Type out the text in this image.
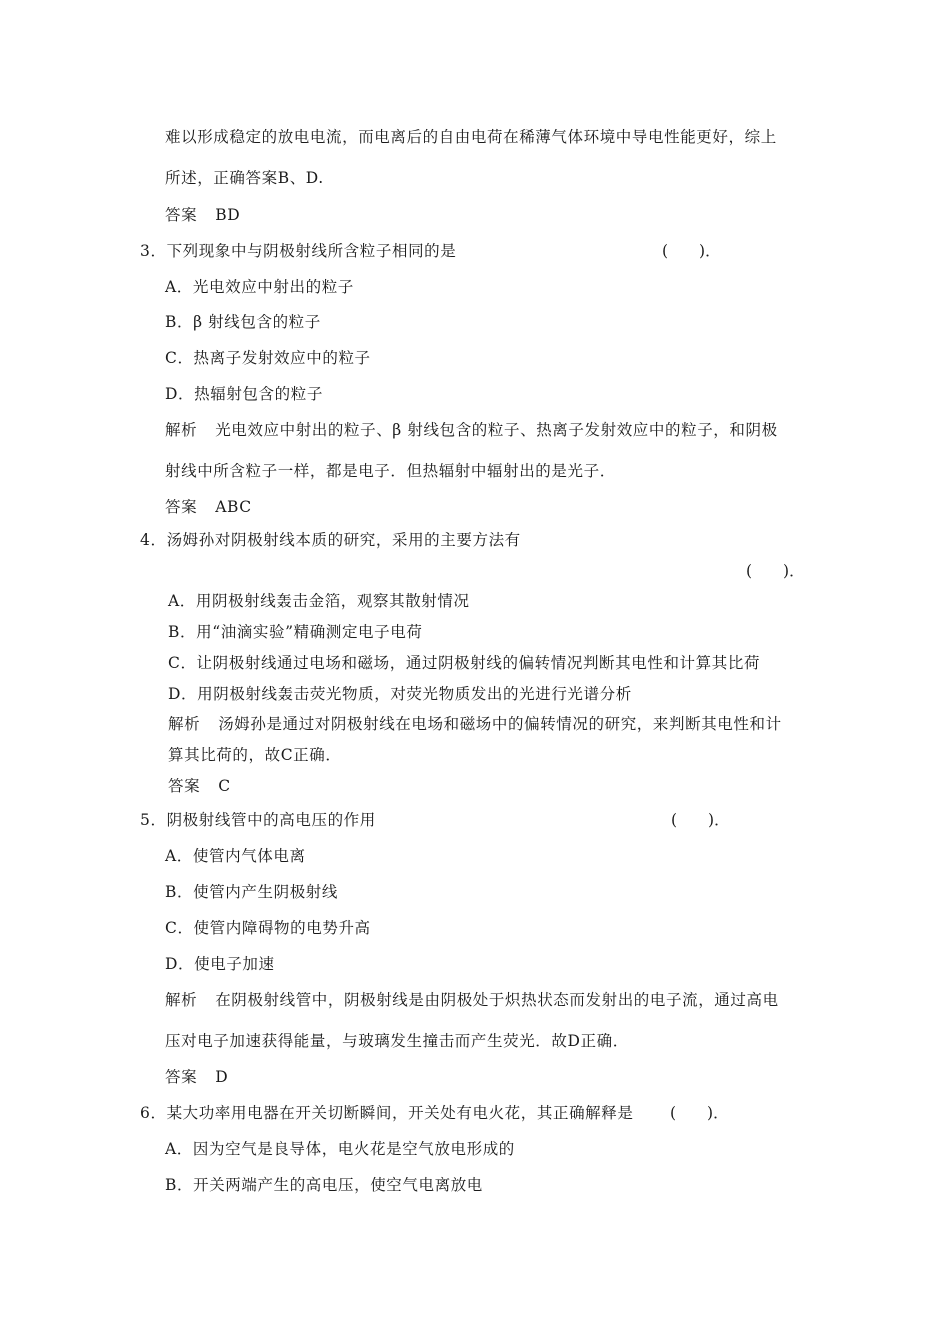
难以形成稳定的放电电流，而电离后的自由电荷在稀薄气体环境中导电性能更好，综上
所述，正确答案B、D.
答案 BD
3．下列现象中与阴极射线所含粒子相同的是	(　　)．
A．光电效应中射出的粒子
B．β 射线包含的粒子
C．热离子发射效应中的粒子
D．热辐射包含的粒子
解析 光电效应中射出的粒子、β 射线包含的粒子、热离子发射效应中的粒子，和阴极
射线中所含粒子一样，都是电子．但热辐射中辐射出的是光子．
答案 ABC
4．汤姆孙对阴极射线本质的研究，采用的主要方法有
(　　)．
A．用阴极射线轰击金箔，观察其散射情况
B．用“油滴实验”精确测定电子电荷
C．让阴极射线通过电场和磁场，通过阴极射线的偏转情况判断其电性和计算其比荷
D．用阴极射线轰击荧光物质，对荧光物质发出的光进行光谱分析
解析 汤姆孙是通过对阴极射线在电场和磁场中的偏转情况的研究，来判断其电性和计
算其比荷的，故C正确．
答案 C
5．阴极射线管中的高电压的作用	(　　)．
A．使管内气体电离
B．使管内产生阴极射线
C．使管内障碍物的电势升高
D．使电子加速
解析 在阴极射线管中，阴极射线是由阴极处于炽热状态而发射出的电子流，通过高电
压对电子加速获得能量，与玻璃发生撞击而产生荧光．故D正确．
答案 D
6．某大功率用电器在开关切断瞬间，开关处有电火花，其正确解释是 (　　)．
A．因为空气是良导体，电火花是空气放电形成的
B．开关两端产生的高电压，使空气电离放电
